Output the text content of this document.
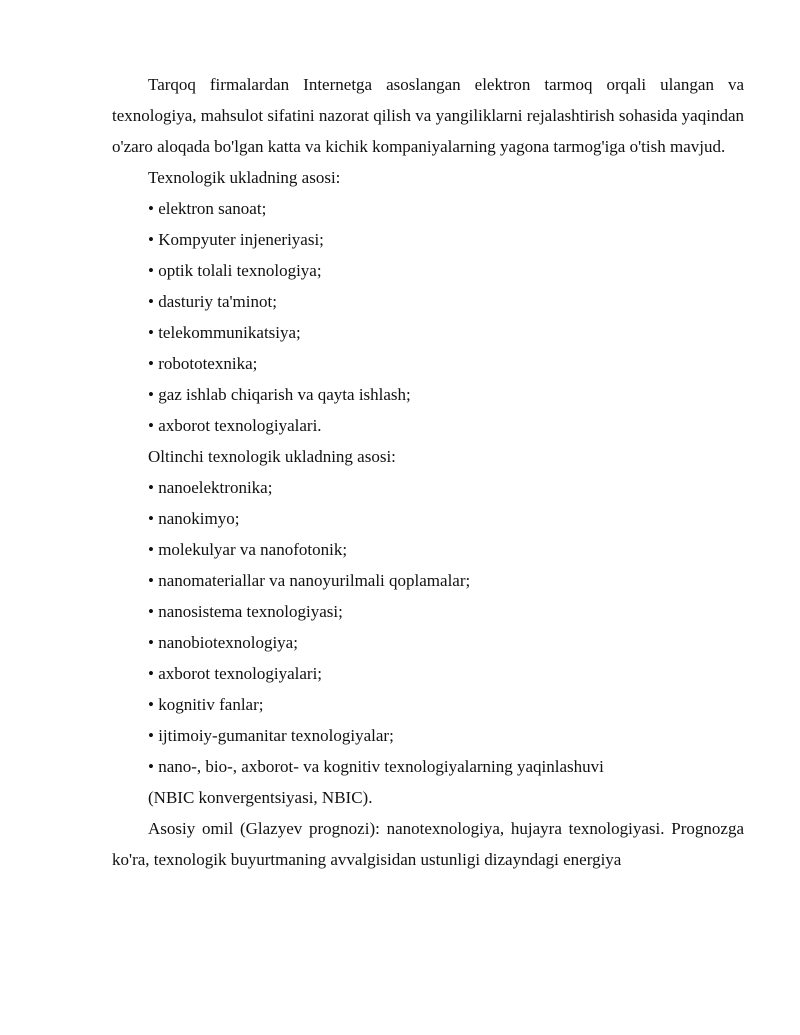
Tarqoq firmalardan Internetga asoslangan elektron tarmoq orqali ulangan va texnologiya, mahsulot sifatini nazorat qilish va yangiliklarni rejalashtirish sohasida yaqindan o'zaro aloqada bo'lgan katta va kichik kompaniyalarning yagona tarmog'iga o'tish mavjud.

Texnologik ukladning asosi:

• elektron sanoat;

• Kompyuter injeneriyasi;

• optik tolali texnologiya;

• dasturiy ta'minot;

• telekommunikatsiya;

• robototexnika;

• gaz ishlab chiqarish va qayta ishlash;

• axborot texnologiyalari.

Oltinchi texnologik ukladning asosi:

• nanoelektronika;

• nanokimyo;

• molekulyar va nanofotonik;

• nanomateriallar va nanoyurilmali qoplamalar;

• nanosistema texnologiyasi;

• nanobiotexnologiya;

• axborot texnologiyalari;

• kognitiv fanlar;

• ijtimoiy-gumanitar texnologiyalar;

• nano-, bio-, axborot- va kognitiv texnologiyalarning yaqinlashuvi

(NBIC konvergentsiyasi, NBIC).

Asosiy omil (Glazyev prognozi): nanotexnologiya, hujayra texnologiyasi. Prognozga ko'ra, texnologik buyurtmaning avvalgisidan ustunligi dizayndagi energiya
